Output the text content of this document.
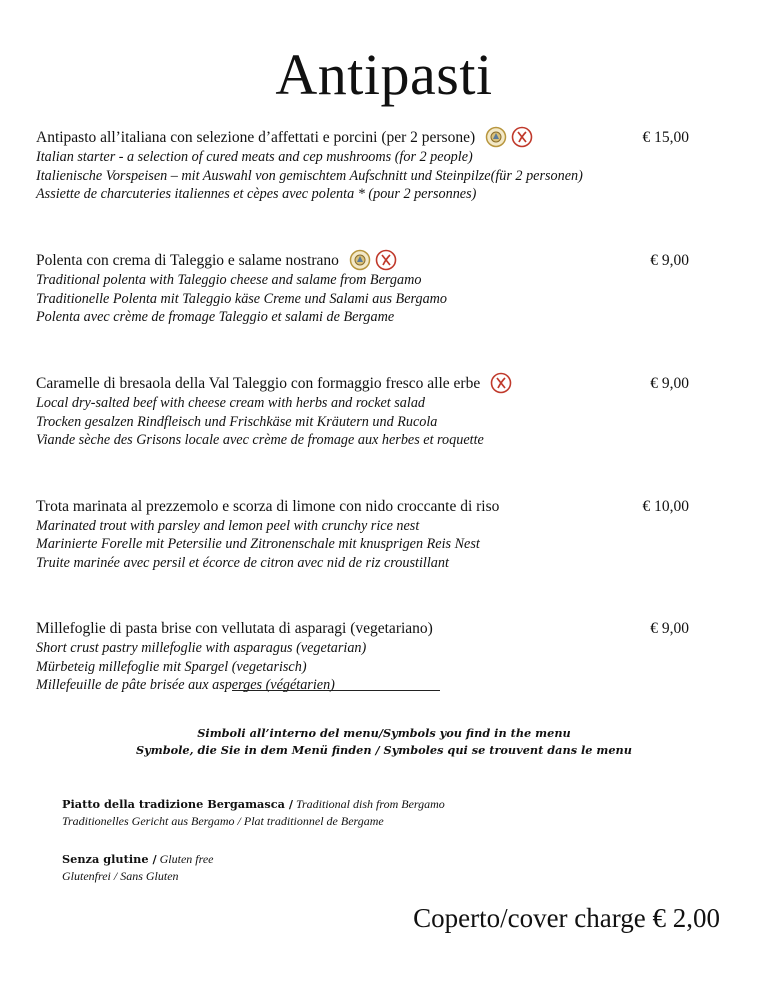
Antipasti
Antipasto all’italiana con selezione d’affettati e porcini (per 2 persone)
Italian starter - a selection of cured meats and cep mushrooms (for 2 people)
Italienische Vorspeisen – mit Auswahl von gemischtem Aufschnitt und Steinpilze(für 2 personen)
Assiette de charcuteries italiennes et cèpes avec polenta * (pour 2 personnes)
€ 15,00
Polenta con crema di Taleggio e salame nostrano
Traditional polenta with Taleggio cheese and salame from Bergamo
Traditionelle Polenta mit Taleggio käse Creme und Salami aus Bergamo
Polenta avec crème de fromage Taleggio et salami de Bergame
€ 9,00
Caramelle di bresaola della Val Taleggio con formaggio fresco alle erbe
Local dry-salted beef with cheese cream with herbs and rocket salad
Trocken gesalzen Rindfleisch und Frischkäse mit Kräutern und Rucola
Viande sèche des Grisons locale avec crème de fromage aux herbes et roquette
€ 9,00
Trota marinata al prezzemolo e scorza di limone con nido croccante di riso
Marinated trout with parsley and lemon peel with crunchy rice nest
Marinierte Forelle mit Petersilie und Zitronenschale mit knusprigen Reis Nest
Truite marinée avec persil et écorce de citron avec nid de riz croustillant
€ 10,00
Millefoglie di pasta brise con vellutata di asparagi (vegetariano)
Short crust pastry millefoglie with asparagus (vegetarian)
Mürbeteig millefoglie mit Spargel (vegetarisch)
Millefeuille de pâte brisée aux asperges (végétarien)
€ 9,00
Simboli all’interno del menu/Symbols you find in the menu
Symbole, die Sie in dem Menü finden / Symboles qui se trouvent dans le menu
Piatto della tradizione Bergamasca / Traditional dish from Bergamo
Traditionelles Gericht aus Bergamo / Plat traditionnel de Bergame
Senza glutine / Gluten free
Glutenfrei / Sans Gluten
Coperto/cover charge € 2,00
